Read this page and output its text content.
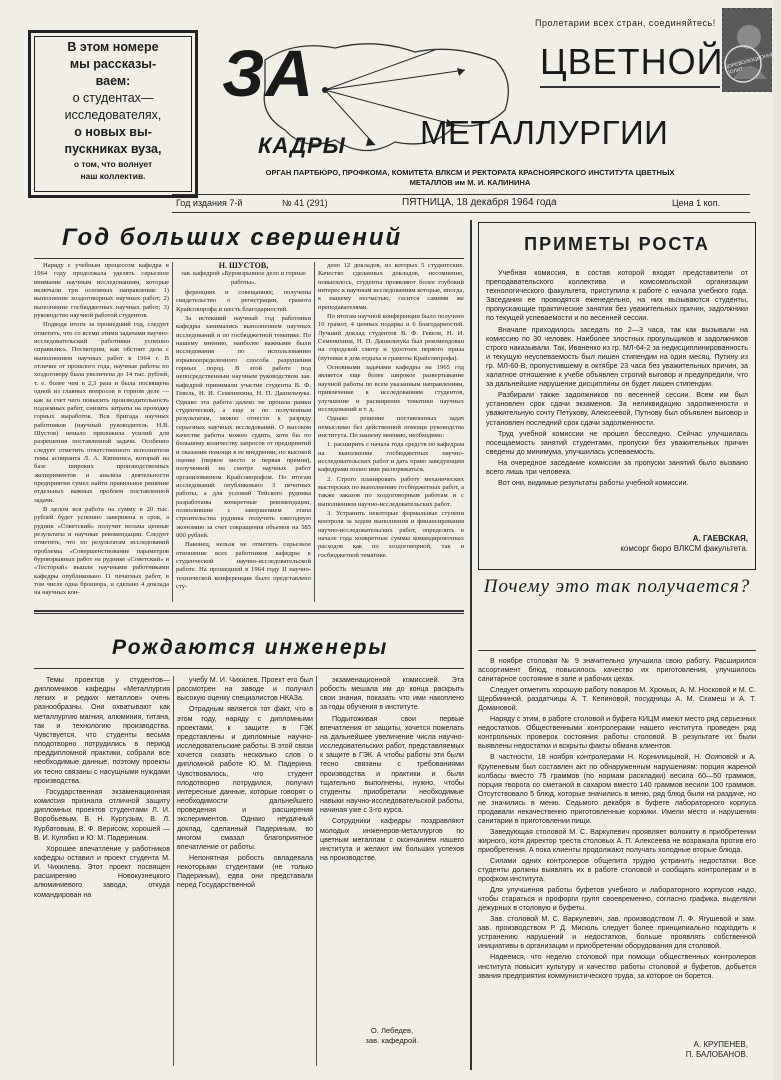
Пролетарии всех стран, соединяйтесь!
ДОРЕВОЛЮЦИОННЫЙ ПОЛИТ
В этом номере
мы рассказы-
ваем:
о студентах—
исследователях,
о новых вы-
пускниках вуза,
о том, что волнует
наш коллектив.
ЗА
КАДРЫ
ЦВЕТНОЙ
МЕТАЛЛУРГИИ
ОРГАН ПАРТБЮРО, ПРОФКОМА, КОМИТЕТА ВЛКСМ И РЕКТОРАТА КРАСНОЯРСКОГО ИНСТИТУТА ЦВЕТНЫХ
МЕТАЛЛОВ им М. И. КАЛИНИНА
Год издания 7-й	№ 41 (291)	ПЯТНИЦА, 18 декабря 1964 года	Цена 1 коп.
Год больших свершений

Наряду с учебным процессом кафедра в 1964 году продолжала уделять серьезное внимание научным исследованиям, которые включали три основных направления: 1) выполнение хоздоговорных научных работ; 2) выполнение госбюджетных научных работ; 3) руководство научной работой студентов.

Подводя итоги за прошедший год, следует отметить, что со всеми этими задачами научно-исследовательский работники успешно справились. Посмотрим, как обстоит дела с выполнением научных работ в 1964 г. В отличие от прошлого года, научные работы по хоздоговору была увеличена до 14 тыс. рублей, т. е. более чем в 2,3 раза и была посвящена одной из главных вопросов в горном деле — как за счет чего повысить производительность подземных работ, снизить затраты на проходку горных выработок. Вся бригада научных работников (научный руководитель Н.В. Шустов) немало приложила усилий для разрешения поставленной задачи. Особенно следует отметить ответственного исполнителя темы аспиранта Л. А. Кипиниса, который на базе широких производственных экспериментов и анализа деятельности предприятия сумел найти правильное решение отдельных важных проблем поставленной задачи.

В целом вся работа на сумму в 20 тыс. рублей будет успешно завершена в срок, а рудник «Советский» получит весьма ценные результаты и научные рекомендации. Следует отметить, что по результатам исследований проблемы «Совершенствование параметров буровзрывных работ на руднике «Советский» и «Тесторый» вышли научными работниками кафедры опубликовано 11 печатных работ, в том числе одна брошюра, и сделано 4 доклада на научных кон-

Н. ШУСТОВ,
зав. кафедрой «Буровзрывное дело и горные работы».

ференциях и совещаниях; получены свидетельство о регистрации, грамота Крайсовпрофа и шесть благодарностей.

За истекший научный год работники кафедры занимались выполнением научных исследований и по госбюджетной тематике. По нашему мнению, наиболее важными были исследования по использованию взрывоопределенного способа разрушения горных пород. В этой работе под непосредственным научным руководством зав. кафедрой принимали участие студенты В. Ф. Гевель, Н. И. Семенихина, Н. П. Дашильчука. Однако эта работа далеко не прошла рамки студенческой, а еще и по полученным результатам, можно отнести к разряду серьезных научных исследований. О высоком качестве работы можно судить, хотя бы по большому количеству запросов от предприятий и оказании помощи в ее внедрении, по высокой оценке (первое место и первая премия), полученной на смотре научных работ организованном Крайсовпрофом. По итогам исследований опубликовано 3 печатных работы, а для условий Тейского рудника разработаны конкретные рекомендации, позволившие с завершением этапа строительства рудника получить ежегодную экономию за счет сокращения объемов на 585 000 рублей.

Наконец, нельзя не отметить серьезное отношение всех работников кафедры к студенческой научно-исследовательской работе. На прошедшей в 1964 году II научно-технической конференции было представлено сту-

дено 12 докладов, из которых 5 студентских. Качество сделанных докладов, несомненно, повысилось, студенты проявляют более глубокий интерес к научным исследованиям которые, иногда, к нашему несчастью, гасится самими же преподавателями.

По итогам научной конференции было получено 10 грамот, 4 ценных подарка и 6 благодарностей. Лучший доклад студентов В. Ф. Гевеля, Н. И. Семенихина, Н. П. Дашильчука был рекомендован на городской смотр и удостоен первого приза (путевки в дом отдыха и грамоты Крайсовпрофа).

Основными задачами кафедры на 1965 год является еще более широкое развертывание научной работы по всем указанным направлениям, привлечение к исследованиям студентов, улучшение и расширение тематики научных исследований и т. д.

Однако решение поставленных задач немыслимо без действенной помощи руководства института. По нашему мнению, необходимо:

1. расширить с начала года средств по кафедрам на выполнение госбюджетных научно-исследовательских работ и дать право заведующим кафедрами полно ими распоряжаться.

2. Строго планировать работу механических мастерских по выполнению госбюджетных работ, а также заказов по хоздоговорным работам и с выполнением научно-исследовательских работ.

3. Устранить некоторые формальные ступени контроля за ходом выполнения и финансирования научно-исследовательских работ, определить в начале года конкретные суммы командировочных расходов как по хоздоговорной, так и госбюджетной тематике.

ПРИМЕТЫ РОСТА

Учебная комиссия, в состав которой входят представители от преподавательского коллектива и комсомольской организации технологического факультета, приступила к работе с начала учебного года. Заседания ее проводятся еженедельно, на них вызываются студенты, пропускающие практические занятия без уважительных причин, задолжники по текущей успеваемости и по весенней сессии.

Вначале приходилось заседать по 2—3 часа, так как вызывали на комиссию по 30 человек. Наиболее злостных прогульщиков и задолжников строго наказывали. Так, Иваненко из гр. МЛ-64-2 за недисциплинированность и текущую неуспеваемость был лишен стипендии на один месяц. Путину из гр. МЛ-60-В, пропустившему в октябре 23 часа без уважительных причин, за халатное отношение к учебе объявлен строгий выговор и предупредили, что за дальнейшие нарушение дисциплины он будет лишен стипендии.

Разбирали также задолжников по весенней сессии. Всем им был установлен срок сдачи экзаменов. За неликвидацию задолженности и уважительную сочту Петухову, Алексеевой, Путнову был объявлен выговор и установлен последний срок сдачи задолженности.

Труд учебной комиссии не прошел бесследно. Сейчас улучшилась посещаемость занятий студентами, пропуски без уважительных причин сведены до минимума, улучшилась успеваемость.

На очередное заседание комиссии за пропуски занятий было вызвано всего лишь три человека.

Вот они, видимые результаты работы учебной комиссии.

А. ГАЕВСКАЯ,
комсорг бюро ВЛКСМ факультета.
Почему это так получается?

В ноябре столовая № 9 значительно улучшила свою работу. Расширился ассортимент блюд, повысилось качество их приготовления, улучшилось санитарное состояние в зале и рабочих цехах.

Следует отметить хорошую работу поваров М. Хромых, А. М. Носковой и М. С. Щербининой, раздатчицы А. Т. Кепиновой, посудницы А. М. Скамеш и А. Т. Домановой.

Наряду с этим, в работе столовой и буфета КИЦМ имеют место ряд серьезных недостатков. Общественными контролерами нашего института проведен ряд контрольных проверок состояния работы столовой. В результате их были выявлены недостатки и вскрыты факты обмана клиентов.

В частности, 18 ноября контролерами Н. Корнилицыной, Н. Осиповой и А. Крупеневым был составлен акт по обнаруженным нарушениям: порция жареной колбасы вместо 75 граммов (по нормам раскладки) весила 60—50 граммов, порция творога со сметаной в сахаром вместо 140 граммов весили 100 граммов. Отсутствовало 5 блюд, которые значились в меню, ряд блюд были на раздаче, но не значились в меню. Седьмого декабря в буфете лабораторного корпуса продавали некачественно приготовленные коржики. Имели место и нарушения санитарии в приготовлении пищи.

Заведующая столовой М. С. Варкулевич проявляет волокиту в приобретении жирного, хотя директор треста столовых А. П. Алексеева не возражала против его приобретения. А пока клиенты продолжают получать холодные вторые блюда.

Силами одних контролеров общепита трудно устранить недостатки. Все студенты должны выявлять их в работе столовой и сообщать контролерам и в профком института.

Для улучшения работы буфетов учебного и лабораторного корпусов надо, чтобы стараться и профорги групп своевременно, согласно графика, выделяли дежурных в столовую и буфеты.

Зав. столовой М. С. Варкулевич, зав. производством Л. Ф. Ягушевой и зам. зав. производством Р. Д. Мисюль следует более принципиально подходить к устранению нарушений и недостатков, больше проявлять собственной инициативы в организации и приобретении оборудования для столовой.

Надеемся, что неделю столовой при помощи общественных контролеров института повысит культуру и качество работы столовой и буфетов, добьется звания предприятия коммунистического труда, за которое он борется.

А. КРУПЕНЕВ,
П. БАЛОБАНОВ.
Рождаются инженеры

Темы проектов у студентов—дипломников кафедры «Металлургия легких и редких металлов» очень разнообразны. Они охватывают как металлургию магния, алюминия, титана, так и технологию производства. Чувствуется, что студенты весьма плодотворно потрудились в период преддипломной практики, собрали все необходимые данные, поэтому проекты их тесно связаны с насущными нуждами производства.

Государственная экзаменационная комиссия признала отличной защиту дипломных проектов студентами Л. И. Воробьевым, В. Н. Кургузым, В. Л. Курбатовым, В. Ф. Верисом; хорошей — В. И. Кулябко и Ю. М. Падериным.

Хорошее впечатление у работников кафедры оставил и проект студента М. И. Чихилева. Этот проект посвящен расширению Новокузнецкого алюминиевого завода, откуда командирован на

учебу М. И. Чихилев. Проект его был рассмотрен на заводе и получил высокую оценку специалистов НКАЗа.

Отрадным является тот факт, что в этом году, наряду с дипломными проектами, к защите в ГЭК представлены и дипломные научно-исследовательские работы. В этой связи хочется сказать несколько слов о дипломной работе Ю. М. Падерина. Чувствовалось, что студент плодотворно потрудился, получил интересные данные, которые говорят о необходимости дальнейшего проведения и расширения экспериментов. Однако неудачный доклад, сделанный Падериным, во многом смазал благоприятное впечатление от работы.

Непонятная робость овладевала некоторыми студентами (не только Падериным), едва они представали перед Государственной

экзаменационной комиссией. Эта робость мешала им до конца раскрыть свои знания, показать что ими накоплено за годы обучения в институте.

Подытоживая свои первые впечатления от защиты, хочется пожелать на дальнейшее увеличение числа научно-исследовательских работ, представляемых к защите в ГЭК. А чтобы работы эти были тесно связаны с требованиями производства и практики и были тщательно выполнены, нужно, чтобы студенты приобретали необходимые навыки научно-исследовательской работы, начиная уже с 3-го курса.

Сотрудники кафедры поздравляют молодых инженеров-металлургов по цветным металлам с окончанием нашего института и желают им больших успехов на производстве.

О. Лебедев,
зав. кафедрой.
